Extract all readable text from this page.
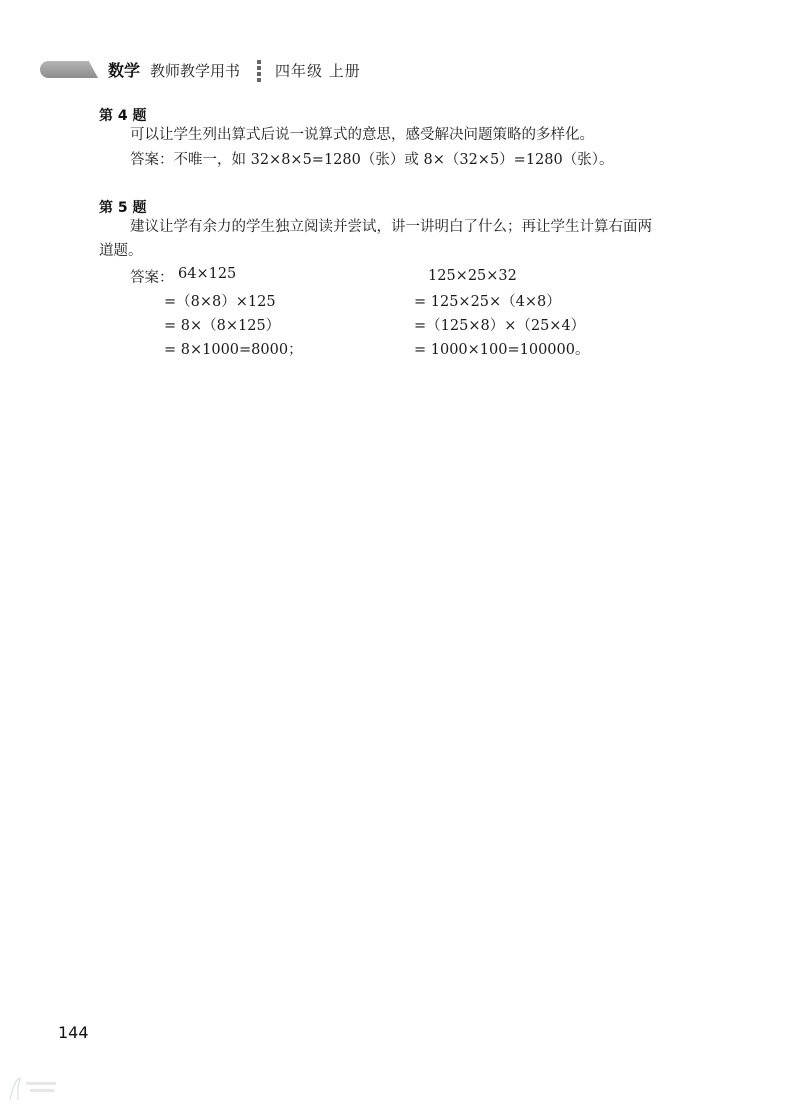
数学 教师教学用书 四年级 上册
第 4 题
可以让学生列出算式后说一说算式的意思，感受解决问题策略的多样化。
答案：不唯一，如 32×8×5=1280（张）或 8×（32×5）=1280（张）。
第 5 题
建议让学有余力的学生独立阅读并尝试，讲一讲明白了什么；再让学生计算右面两
道题。
答案： 64×125
=（8×8）×125
= 8×（8×125）
= 8×1000=8000；
125×25×32
= 125×25×（4×8）
=（125×8）×（25×4）
= 1000×100=100000。
144
